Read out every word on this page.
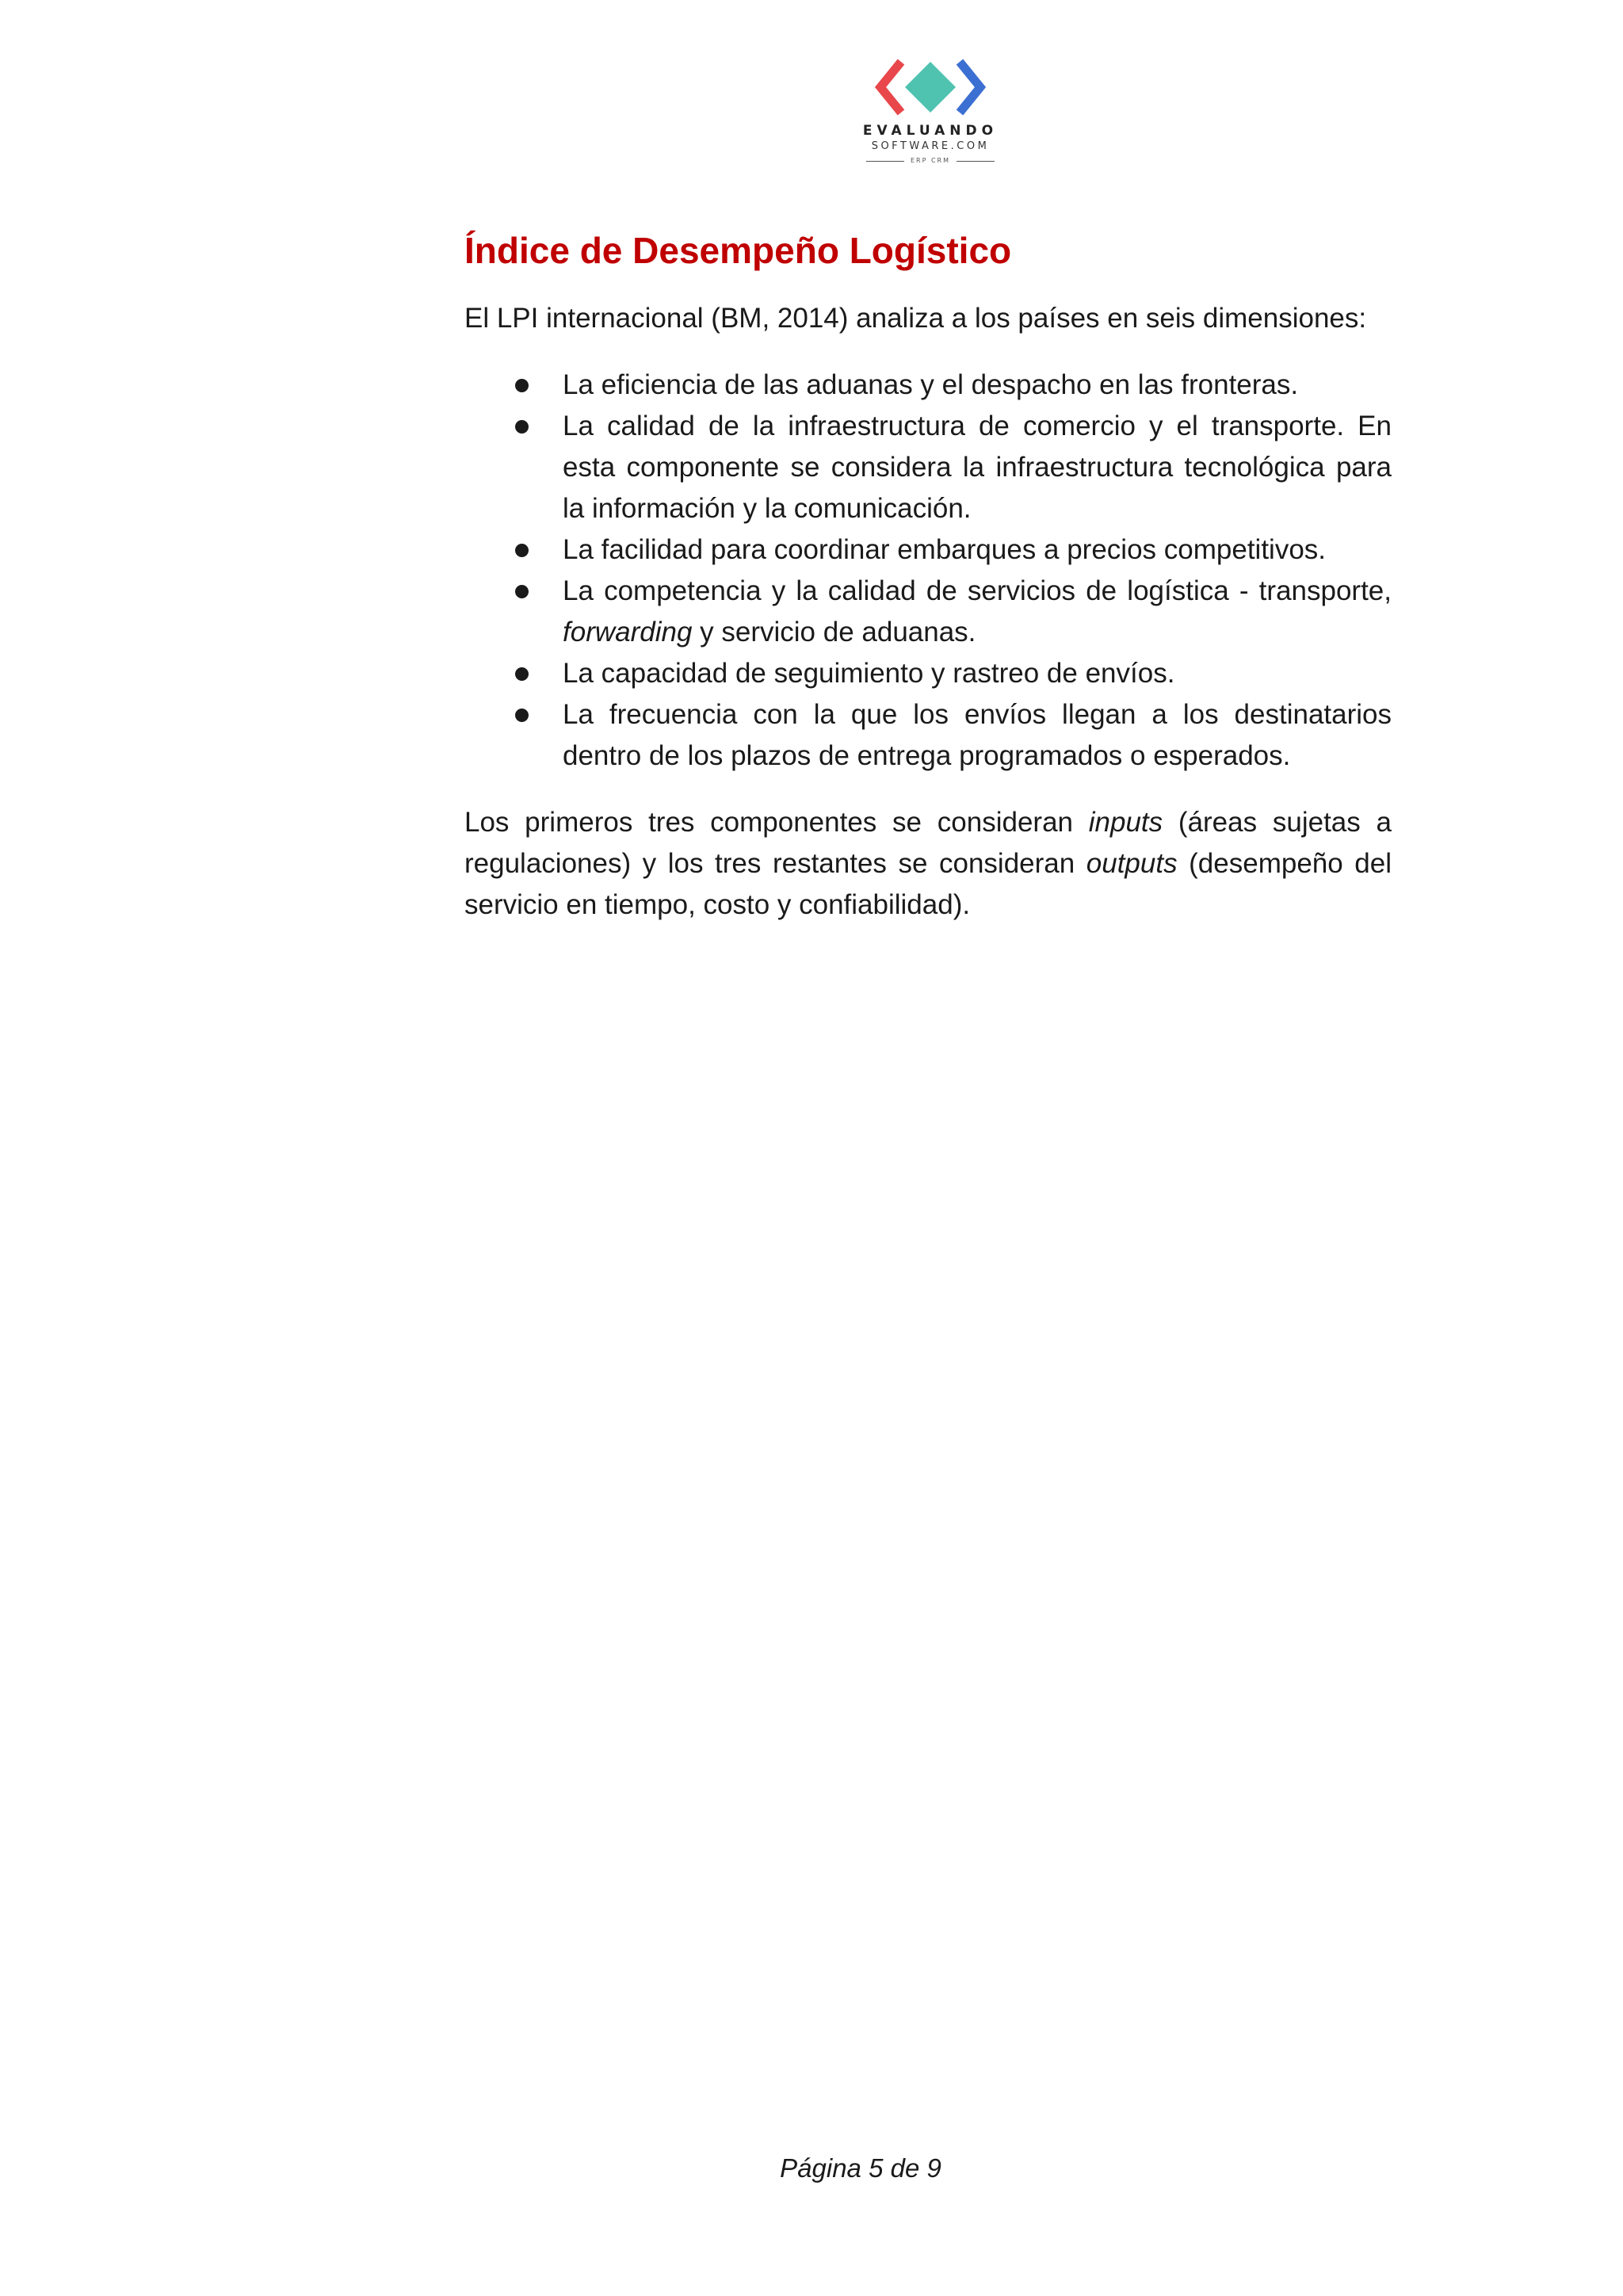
EVALUANDO
SOFTWARE.COM
ERP CRM
Índice de Desempeño Logístico

El LPI internacional (BM, 2014) analiza a los países en seis dimensiones:

La eficiencia de las aduanas y el despacho en las fronteras.
La calidad de la infraestructura de comercio y el transporte. En esta componente se considera la infraestructura tecnológica para la información y la comunicación.
La facilidad para coordinar embarques a precios competitivos.
La competencia y la calidad de servicios de logística - transporte, forwarding y servicio de aduanas.
La capacidad de seguimiento y rastreo de envíos.
La frecuencia con la que los envíos llegan a los destinatarios dentro de los plazos de entrega programados o esperados.

Los primeros tres componentes se consideran inputs (áreas sujetas a regulaciones) y los tres restantes se consideran outputs (desempeño del servicio en tiempo, costo y confiabilidad).

Página 5 de 9
